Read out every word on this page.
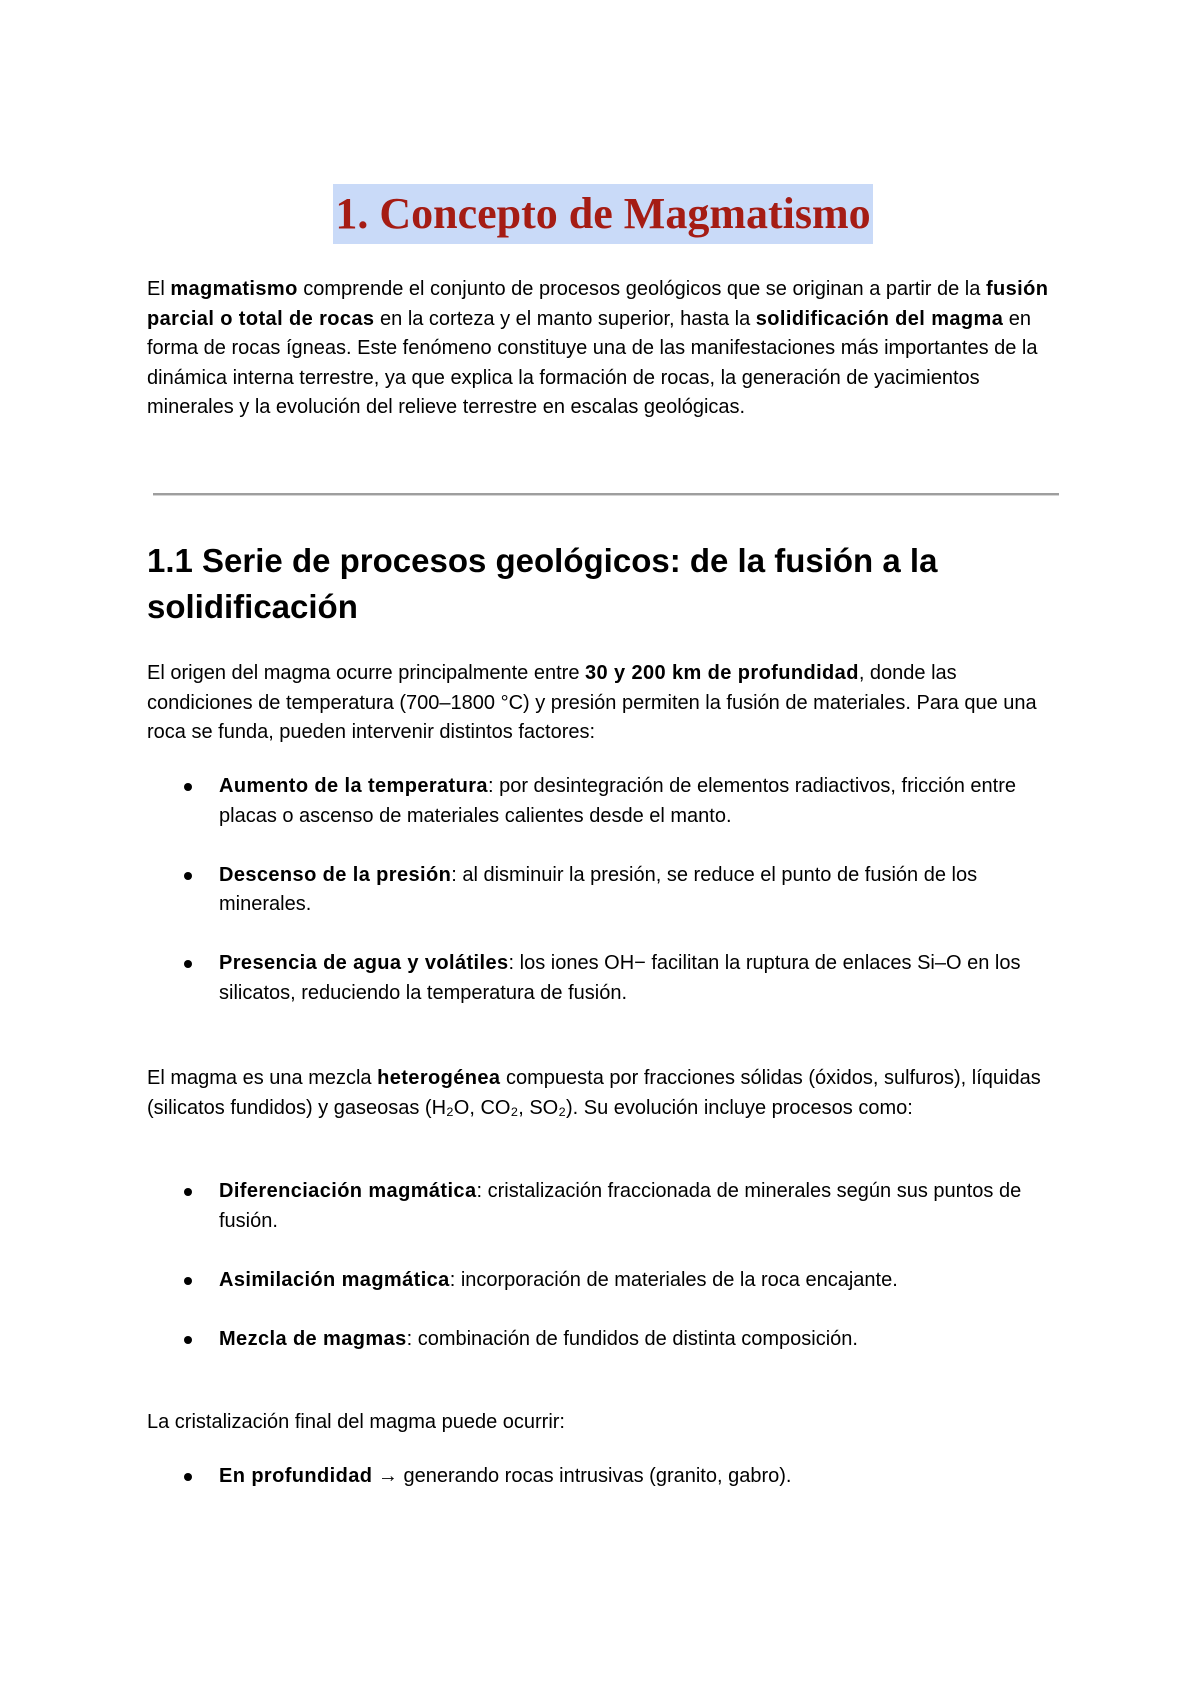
1. Concepto de Magmatismo

El magmatismo comprende el conjunto de procesos geológicos que se originan a partir de la fusión parcial o total de rocas en la corteza y el manto superior, hasta la solidificación del magma en forma de rocas ígneas. Este fenómeno constituye una de las manifestaciones más importantes de la dinámica interna terrestre, ya que explica la formación de rocas, la generación de yacimientos minerales y la evolución del relieve terrestre en escalas geológicas.

1.1 Serie de procesos geológicos: de la fusión a la solidificación

El origen del magma ocurre principalmente entre 30 y 200 km de profundidad, donde las condiciones de temperatura (700–1800 °C) y presión permiten la fusión de materiales. Para que una roca se funda, pueden intervenir distintos factores:

Aumento de la temperatura: por desintegración de elementos radiactivos, fricción entre placas o ascenso de materiales calientes desde el manto.
Descenso de la presión: al disminuir la presión, se reduce el punto de fusión de los minerales.
Presencia de agua y volátiles: los iones OH− facilitan la ruptura de enlaces Si–O en los silicatos, reduciendo la temperatura de fusión.

El magma es una mezcla heterogénea compuesta por fracciones sólidas (óxidos, sulfuros), líquidas (silicatos fundidos) y gaseosas (H₂O, CO₂, SO₂). Su evolución incluye procesos como:

Diferenciación magmática: cristalización fraccionada de minerales según sus puntos de fusión.
Asimilación magmática: incorporación de materiales de la roca encajante.
Mezcla de magmas: combinación de fundidos de distinta composición.

La cristalización final del magma puede ocurrir:

En profundidad → generando rocas intrusivas (granito, gabro).
